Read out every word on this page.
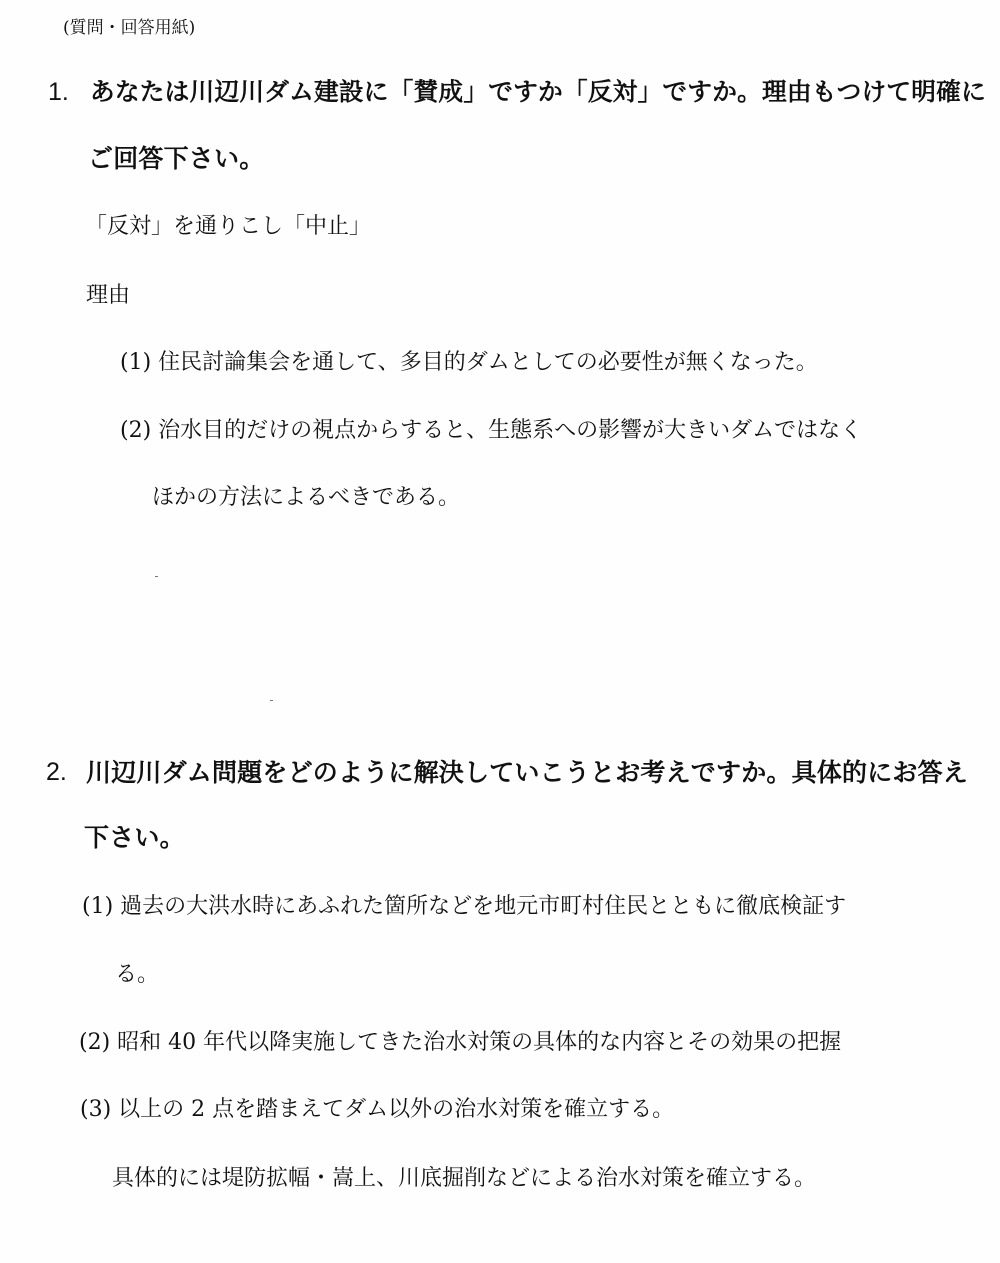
(質問・回答用紙)
1. あなたは川辺川ダム建設に「賛成」ですか「反対」ですか。理由もつけて明確に
ご回答下さい。
「反対」を通りこし「中止」
理由
(1) 住民討論集会を通して、多目的ダムとしての必要性が無くなった。
(2) 治水目的だけの視点からすると、生態系への影響が大きいダムではなく
ほかの方法によるべきである。
2. 川辺川ダム問題をどのように解決していこうとお考えですか。具体的にお答え
下さい。
(1) 過去の大洪水時にあふれた箇所などを地元市町村住民とともに徹底検証す
る。
(2) 昭和 40 年代以降実施してきた治水対策の具体的な内容とその効果の把握
(3) 以上の 2 点を踏まえてダム以外の治水対策を確立する。
具体的には堤防拡幅・嵩上、川底掘削などによる治水対策を確立する。
